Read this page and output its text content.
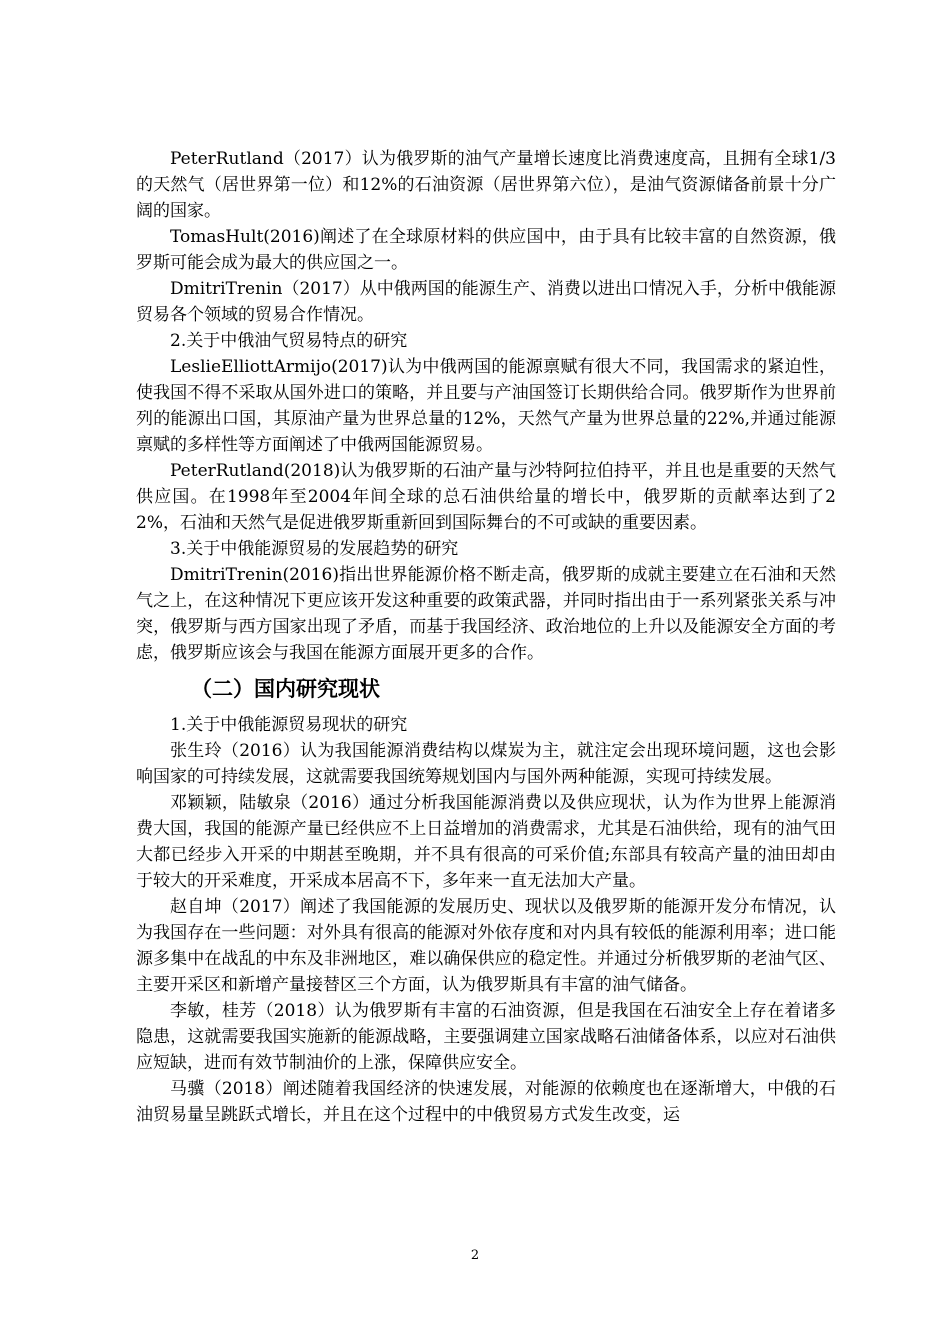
PeterRutland（2017）认为俄罗斯的油气产量增长速度比消费速度高，且拥有全球1/3的天然气（居世界第一位）和12%的石油资源（居世界第六位），是油气资源储备前景十分广阔的国家。

TomasHult(2016)阐述了在全球原材料的供应国中，由于具有比较丰富的自然资源，俄罗斯可能会成为最大的供应国之一。

DmitriTrenin（2017）从中俄两国的能源生产、消费以进出口情况入手，分析中俄能源贸易各个领域的贸易合作情况。

2.关于中俄油气贸易特点的研究

LeslieElliottArmijo(2017)认为中俄两国的能源禀赋有很大不同，我国需求的紧迫性，使我国不得不采取从国外进口的策略，并且要与产油国签订长期供给合同。俄罗斯作为世界前列的能源出口国，其原油产量为世界总量的12%，天然气产量为世界总量的22%,并通过能源禀赋的多样性等方面阐述了中俄两国能源贸易。

PeterRutland(2018)认为俄罗斯的石油产量与沙特阿拉伯持平，并且也是重要的天然气供应国。在1998年至2004年间全球的总石油供给量的增长中，俄罗斯的贡献率达到了22%，石油和天然气是促进俄罗斯重新回到国际舞台的不可或缺的重要因素。

3.关于中俄能源贸易的发展趋势的研究

DmitriTrenin(2016)指出世界能源价格不断走高，俄罗斯的成就主要建立在石油和天然气之上，在这种情况下更应该开发这种重要的政策武器，并同时指出由于一系列紧张关系与冲突，俄罗斯与西方国家出现了矛盾，而基于我国经济、政治地位的上升以及能源安全方面的考虑，俄罗斯应该会与我国在能源方面展开更多的合作。

（二）国内研究现状

1.关于中俄能源贸易现状的研究

张生玲（2016）认为我国能源消费结构以煤炭为主，就注定会出现环境问题，这也会影响国家的可持续发展，这就需要我国统筹规划国内与国外两种能源，实现可持续发展。

邓颖颖，陆敏泉（2016）通过分析我国能源消费以及供应现状，认为作为世界上能源消费大国，我国的能源产量已经供应不上日益增加的消费需求，尤其是石油供给，现有的油气田大都已经步入开采的中期甚至晚期，并不具有很高的可采价值;东部具有较高产量的油田却由于较大的开采难度，开采成本居高不下，多年来一直无法加大产量。

赵自坤（2017）阐述了我国能源的发展历史、现状以及俄罗斯的能源开发分布情况，认为我国存在一些问题：对外具有很高的能源对外依存度和对内具有较低的能源利用率；进口能源多集中在战乱的中东及非洲地区，难以确保供应的稳定性。并通过分析俄罗斯的老油气区、主要开采区和新增产量接替区三个方面，认为俄罗斯具有丰富的油气储备。

李敏，桂芳（2018）认为俄罗斯有丰富的石油资源，但是我国在石油安全上存在着诸多隐患，这就需要我国实施新的能源战略，主要强调建立国家战略石油储备体系，以应对石油供应短缺，进而有效节制油价的上涨，保障供应安全。

马骥（2018）阐述随着我国经济的快速发展，对能源的依赖度也在逐渐增大，中俄的石油贸易量呈跳跃式增长，并且在这个过程中的中俄贸易方式发生改变，运

2
